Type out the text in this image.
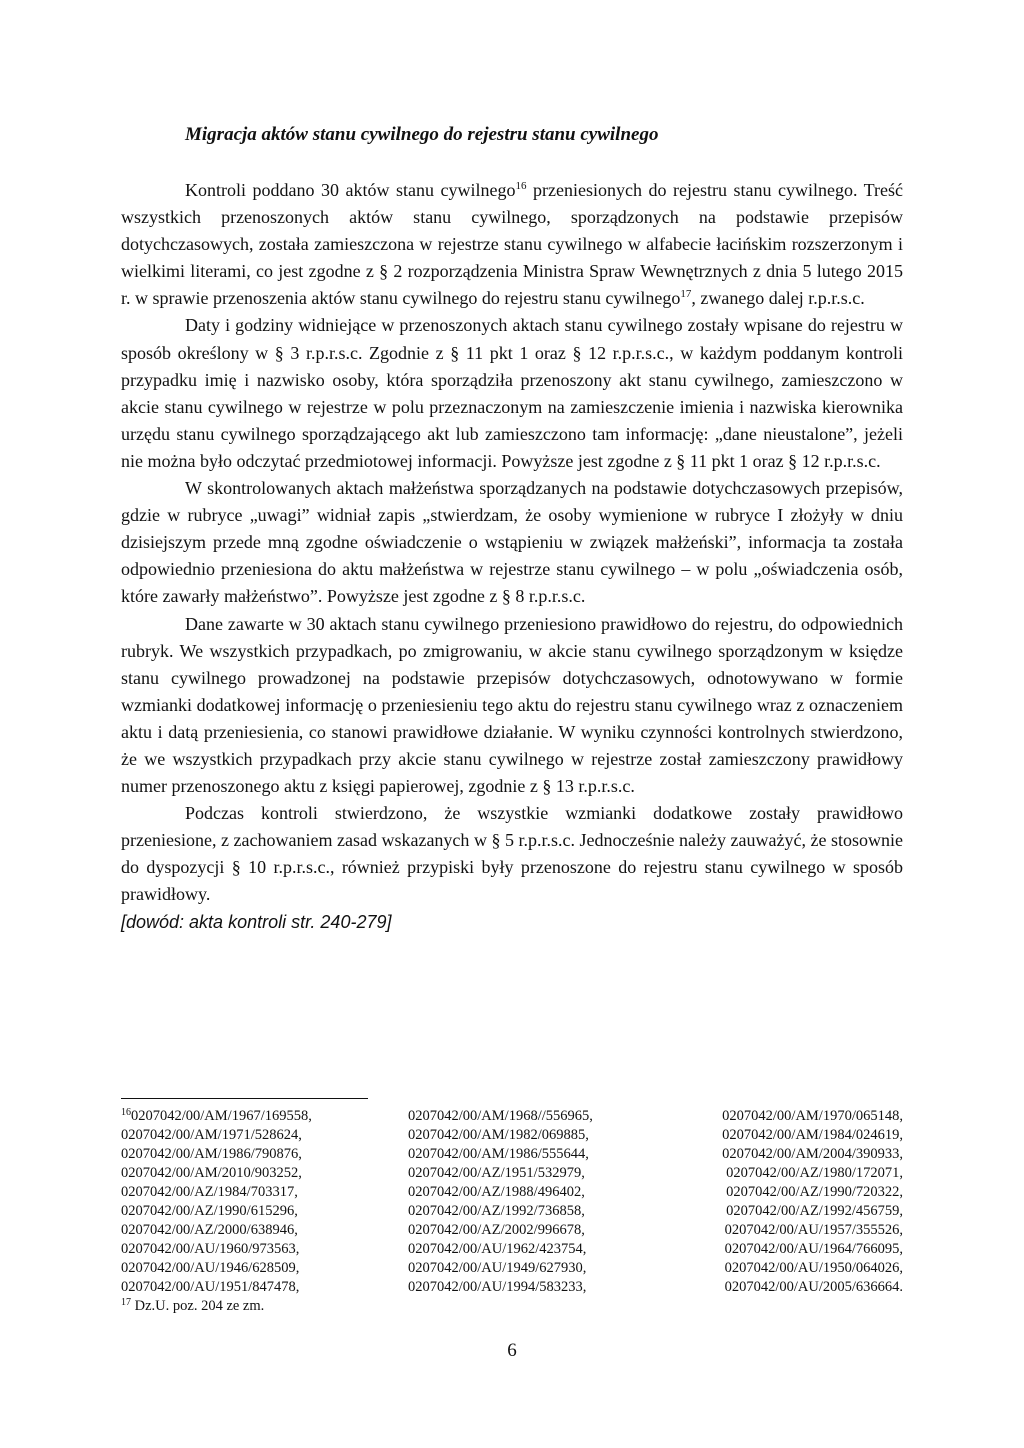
Migracja aktów stanu cywilnego do rejestru stanu cywilnego

Kontroli poddano 30 aktów stanu cywilnego$^{16}$ przeniesionych do rejestru stanu cywilnego. Treść wszystkich przenoszonych aktów stanu cywilnego, sporządzonych na podstawie przepisów dotychczasowych, została zamieszczona w rejestrze stanu cywilnego w alfabecie łacińskim rozszerzonym i wielkimi literami, co jest zgodne z § 2 rozporządzenia Ministra Spraw Wewnętrznych z dnia 5 lutego 2015 r. w sprawie przenoszenia aktów stanu cywilnego do rejestru stanu cywilnego$^{17}$, zwanego dalej r.p.r.s.c.

Daty i godziny widniejące w przenoszonych aktach stanu cywilnego zostały wpisane do rejestru w sposób określony w § 3 r.p.r.s.c. Zgodnie z § 11 pkt 1 oraz § 12 r.p.r.s.c., w każdym poddanym kontroli przypadku imię i nazwisko osoby, która sporządziła przenoszony akt stanu cywilnego, zamieszczono w akcie stanu cywilnego w rejestrze w polu przeznaczonym na zamieszczenie imienia i nazwiska kierownika urzędu stanu cywilnego sporządzającego akt lub zamieszczono tam informację: „dane nieustalone”, jeżeli nie można było odczytać przedmiotowej informacji. Powyższe jest zgodne z § 11 pkt 1 oraz § 12 r.p.r.s.c.

W skontrolowanych aktach małżeństwa sporządzanych na podstawie dotychczasowych przepisów, gdzie w rubryce „uwagi” widniał zapis „stwierdzam, że osoby wymienione w rubryce I złożyły w dniu dzisiejszym przede mną zgodne oświadczenie o wstąpieniu w związek małżeński”, informacja ta została odpowiednio przeniesiona do aktu małżeństwa w rejestrze stanu cywilnego – w polu „oświadczenia osób, które zawarły małżeństwo”. Powyższe jest zgodne z § 8 r.p.r.s.c.

Dane zawarte w 30 aktach stanu cywilnego przeniesiono prawidłowo do rejestru, do odpowiednich rubryk. We wszystkich przypadkach, po zmigrowaniu, w akcie stanu cywilnego sporządzonym w księdze stanu cywilnego prowadzonej na podstawie przepisów dotychczasowych, odnotowywano w formie wzmianki dodatkowej informację o przeniesieniu tego aktu do rejestru stanu cywilnego wraz z oznaczeniem aktu i datą przeniesienia, co stanowi prawidłowe działanie. W wyniku czynności kontrolnych stwierdzono, że we wszystkich przypadkach przy akcie stanu cywilnego w rejestrze został zamieszczony prawidłowy numer przenoszonego aktu z księgi papierowej, zgodnie z § 13 r.p.r.s.c.

Podczas kontroli stwierdzono, że wszystkie wzmianki dodatkowe zostały prawidłowo przeniesione, z zachowaniem zasad wskazanych w § 5 r.p.r.s.c. Jednocześnie należy zauważyć, że stosownie do dyspozycji § 10 r.p.r.s.c., również przypiski były przenoszone do rejestru stanu cywilnego w sposób prawidłowy.

[dowód: akta kontroli str. 240-279]

$^{16}$0207042/00/AM/1967/169558,	0207042/00/AM/1968//556965,	0207042/00/AM/1970/065148,
0207042/00/AM/1971/528624,	0207042/00/AM/1982/069885,	0207042/00/AM/1984/024619,
0207042/00/AM/1986/790876,	0207042/00/AM/1986/555644,	0207042/00/AM/2004/390933,
0207042/00/AM/2010/903252,	0207042/00/AZ/1951/532979,	0207042/00/AZ/1980/172071,
0207042/00/AZ/1984/703317,	0207042/00/AZ/1988/496402,	0207042/00/AZ/1990/720322,
0207042/00/AZ/1990/615296,	0207042/00/AZ/1992/736858,	0207042/00/AZ/1992/456759,
0207042/00/AZ/2000/638946,	0207042/00/AZ/2002/996678,	0207042/00/AU/1957/355526,
0207042/00/AU/1960/973563,	0207042/00/AU/1962/423754,	0207042/00/AU/1964/766095,
0207042/00/AU/1946/628509,	0207042/00/AU/1949/627930,	0207042/00/AU/1950/064026,
0207042/00/AU/1951/847478,	0207042/00/AU/1994/583233,	0207042/00/AU/2005/636664.
$^{17}$ Dz.U. poz. 204 ze zm.
6
